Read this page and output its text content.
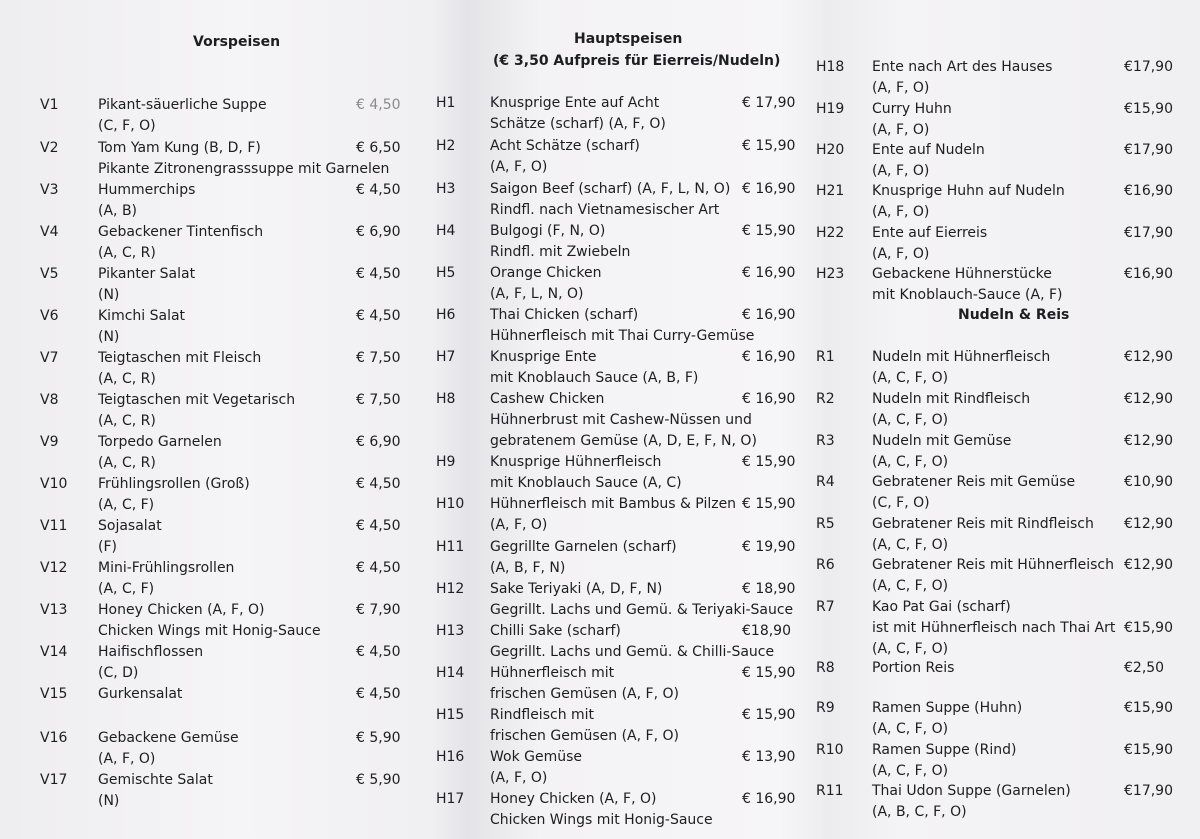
Vorspeisen
V1	Pikant-säuerliche Suppe
(C, F, O)
€ 4,50
V2	Tom Yam Kung (B, D, F)
Pikante Zitronengrasssuppe mit Garnelen
€ 6,50
V3	Hummerchips
(A, B)
€ 4,50
V4	Gebackener Tintenfisch
(A, C, R)
€ 6,90
V5	Pikanter Salat
(N)
€ 4,50
V6	Kimchi Salat
(N)
€ 4,50
V7	Teigtaschen mit Fleisch
(A, C, R)
€ 7,50
V8	Teigtaschen mit Vegetarisch
(A, C, R)
€ 7,50
V9	Torpedo Garnelen
(A, C, R)
€ 6,90
V10 Frühlingsrollen (Groß)
(A, C, F)
€ 4,50
V11 Sojasalat
(F)
€ 4,50
V12 Mini-Frühlingsrollen
(A, C, F)
€ 4,50
V13 Honey Chicken (A, F, O)
Chicken Wings mit Honig-Sauce
€ 7,90
V14 Haifischflossen
(C, D)
€ 4,50
V15 Gurkensalat	€ 4,50
V16 Gebackene Gemüse
(A, F, O)
€ 5,90
V17 Gemischte Salat
(N)
€ 5,90
Hauptspeisen
(€ 3,50 Aufpreis für Eierreis/Nudeln)
H1 Knusprige Ente auf Acht
Schätze (scharf) (A, F, O)
€ 17,90
H2 Acht Schätze (scharf)
(A, F, O)
€ 15,90
H3 Saigon Beef (scharf) (A, F, L, N, O)
Rindfl. nach Vietnamesischer Art
€ 16,90
H4 Bulgogi (F, N, O)
Rindfl. mit Zwiebeln
€ 15,90
H5 Orange Chicken
(A, F, L, N, O)
€ 16,90
H6 Thai Chicken (scharf)
Hühnerfleisch mit Thai Curry-Gemüse
€ 16,90
H7 Knusprige Ente
mit Knoblauch Sauce (A, B, F)
€ 16,90
H8 Cashew Chicken
Hühnerbrust mit Cashew-Nüssen und
gebratenem Gemüse (A, D, E, F, N, O)
€ 16,90
H9 Knusprige Hühnerfleisch
mit Knoblauch Sauce (A, C)
€ 15,90
H10 Hühnerfleisch mit Bambus & Pilzen
(A, F, O)
€ 15,90
H11 Gegrillte Garnelen (scharf)
(A, B, F, N)
€ 19,90
H12 Sake Teriyaki (A, D, F, N)
Gegrillt. Lachs und Gemü. & Teriyaki-Sauce
€ 18,90
H13 Chilli Sake (scharf)
Gegrillt. Lachs und Gemü. & Chilli-Sauce
€18,90
H14 Hühnerfleisch mit
frischen Gemüsen (A, F, O)
€ 15,90
H15 Rindfleisch mit
frischen Gemüsen (A, F, O)
€ 15,90
H16 Wok Gemüse
(A, F, O)
€ 13,90
H17 Honey Chicken (A, F, O)
Chicken Wings mit Honig-Sauce
€ 16,90
H18 Ente nach Art des Hauses
(A, F, O)
€17,90
H19 Curry Huhn
(A, F, O)
€15,90
H20 Ente auf Nudeln
(A, F, O)
€17,90
H21 Knusprige Huhn auf Nudeln
(A, F, O)
€16,90
H22 Ente auf Eierreis
(A, F, O)
€17,90
H23 Gebackene Hühnerstücke
mit Knoblauch-Sauce (A, F)
€16,90
Nudeln & Reis
R1	Nudeln mit Hühnerfleisch
(A, C, F, O)
€12,90
R2	Nudeln mit Rindfleisch
(A, C, F, O)
€12,90
R3	Nudeln mit Gemüse
(A, C, F, O)
€12,90
R4	Gebratener Reis mit Gemüse
(C, F, O)
€10,90
R5	Gebratener Reis mit Rindfleisch
(A, C, F, O)
€12,90
R6	Gebratener Reis mit Hühnerfleisch
(A, C, F, O)
€12,90
R7	Kao Pat Gai (scharf)
ist mit Hühnerfleisch nach Thai Art
(A, C, F, O)
€15,90
R8	Portion Reis	€2,50
R9	Ramen Suppe (Huhn)
(A, C, F, O)
€15,90
R10 Ramen Suppe (Rind)
(A, C, F, O)
€15,90
R11 Thai Udon Suppe (Garnelen)
(A, B, C, F, O)
€17,90
